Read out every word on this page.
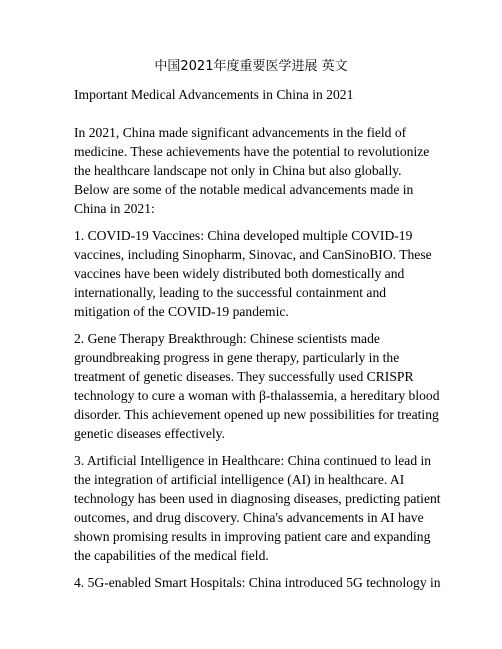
中国2021年度重要医学进展 英文
Important Medical Advancements in China in 2021
In 2021, China made significant advancements in the field of
medicine. These achievements have the potential to revolutionize
the healthcare landscape not only in China but also globally.
Below are some of the notable medical advancements made in
China in 2021:
1. COVID-19 Vaccines: China developed multiple COVID-19
vaccines, including Sinopharm, Sinovac, and CanSinoBIO. These
vaccines have been widely distributed both domestically and
internationally, leading to the successful containment and
mitigation of the COVID-19 pandemic.
2. Gene Therapy Breakthrough: Chinese scientists made
groundbreaking progress in gene therapy, particularly in the
treatment of genetic diseases. They successfully used CRISPR
technology to cure a woman with β-thalassemia, a hereditary blood
disorder. This achievement opened up new possibilities for treating
genetic diseases effectively.
3. Artificial Intelligence in Healthcare: China continued to lead in
the integration of artificial intelligence (AI) in healthcare. AI
technology has been used in diagnosing diseases, predicting patient
outcomes, and drug discovery. China's advancements in AI have
shown promising results in improving patient care and expanding
the capabilities of the medical field.
4. 5G-enabled Smart Hospitals: China introduced 5G technology in
